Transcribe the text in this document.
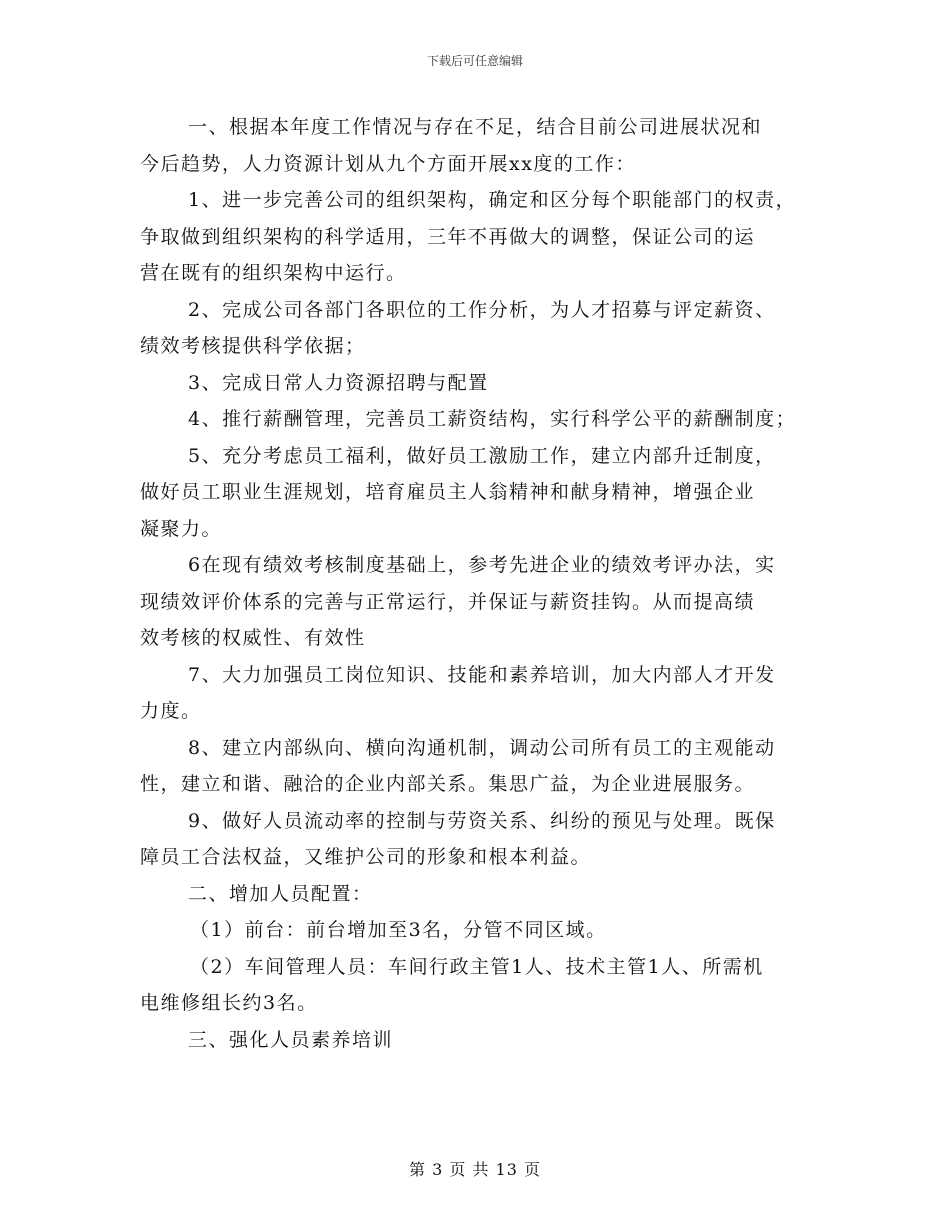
下载后可任意编辑
一、根据本年度工作情况与存在不足，结合目前公司进展状况和
今后趋势，人力资源计划从九个方面开展xx度的工作：
1、进一步完善公司的组织架构，确定和区分每个职能部门的权责，
争取做到组织架构的科学适用，三年不再做大的调整，保证公司的运
营在既有的组织架构中运行。
2、完成公司各部门各职位的工作分析，为人才招募与评定薪资、
绩效考核提供科学依据；
3、完成日常人力资源招聘与配置
4、推行薪酬管理，完善员工薪资结构，实行科学公平的薪酬制度；
5、充分考虑员工福利，做好员工激励工作，建立内部升迁制度，
做好员工职业生涯规划，培育雇员主人翁精神和献身精神，增强企业
凝聚力。
6在现有绩效考核制度基础上，参考先进企业的绩效考评办法，实
现绩效评价体系的完善与正常运行，并保证与薪资挂钩。从而提高绩
效考核的权威性、有效性
7、大力加强员工岗位知识、技能和素养培训，加大内部人才开发
力度。
8、建立内部纵向、横向沟通机制，调动公司所有员工的主观能动
性，建立和谐、融洽的企业内部关系。集思广益，为企业进展服务。
9、做好人员流动率的控制与劳资关系、纠纷的预见与处理。既保
障员工合法权益，又维护公司的形象和根本利益。
二、增加人员配置：
（1）前台：前台增加至3名，分管不同区域。
（2）车间管理人员：车间行政主管1人、技术主管1人、所需机
电维修组长约3名。
三、强化人员素养培训
第 3 页 共 13 页
